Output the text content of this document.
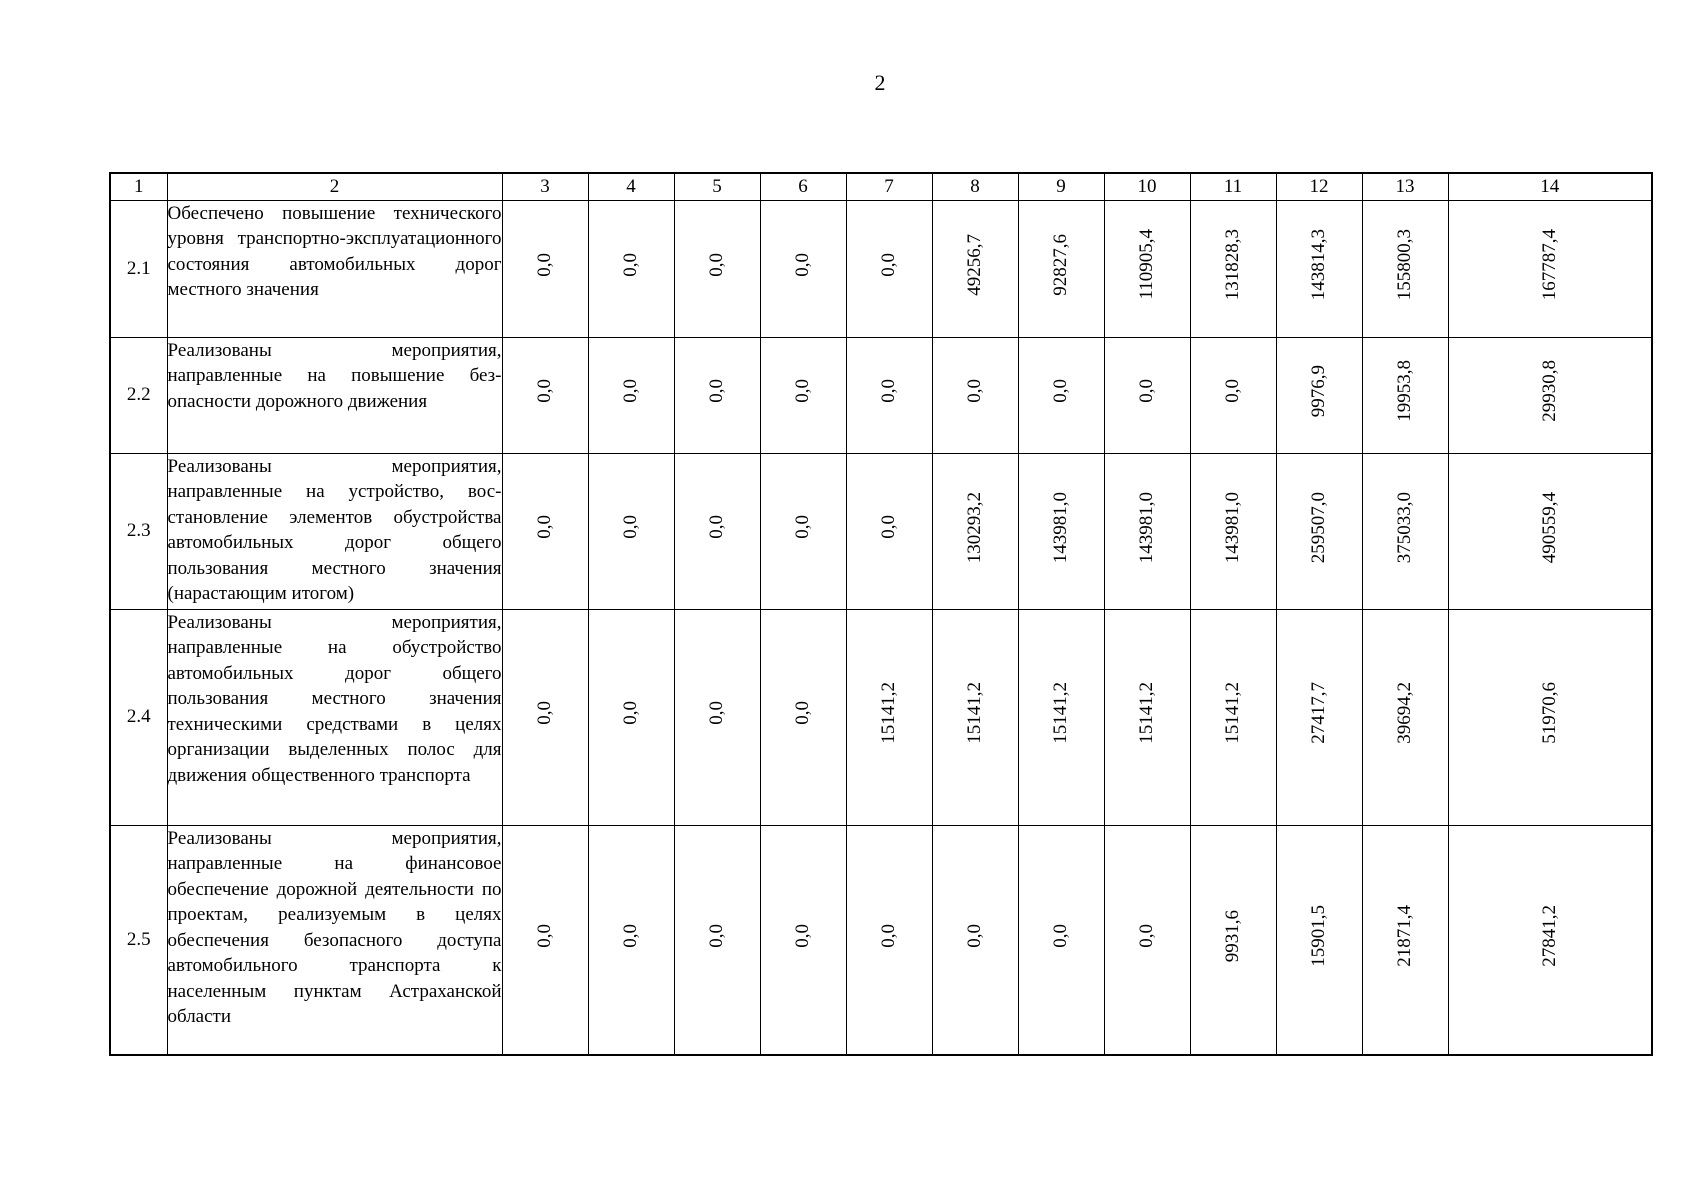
2
1	2	3	4	5	6	7	8	9	10	11	12	13	14
2.1	Обеспечено повышение технического уровня транспортно-эксплуатационного состояния автомобильных дорог местного значения	0,0	0,0	0,0	0,0	0,0	49256,7	92827,6	110905,4	131828,3	143814,3	155800,3	167787,4
2.2	Реализованы мероприятия, направленные на повышение безопасности дорожного движения	0,0	0,0	0,0	0,0	0,0	0,0	0,0	0,0	0,0	9976,9	19953,8	29930,8
2.3	Реализованы мероприятия, направленные на устройство, восстановление элементов обустройства автомобильных дорог общего пользования местного значения (нарастающим итогом)	0,0	0,0	0,0	0,0	0,0	130293,2	143981,0	143981,0	143981,0	259507,0	375033,0	490559,4
2.4	Реализованы мероприятия, направленные на обустройство автомобильных дорог общего пользования местного значения техническими средствами в целях организации выделенных полос для движения общественного транспорта	0,0	0,0	0,0	0,0	15141,2	15141,2	15141,2	15141,2	15141,2	27417,7	39694,2	51970,6
2.5	Реализованы мероприятия, направленные на финансовое обеспечение дорожной деятельности по проектам, реализуемым в целях обеспечения безопасного доступа автомобильного транспорта к населенным пунктам Астраханской области	0,0	0,0	0,0	0,0	0,0	0,0	0,0	0,0	9931,6	15901,5	21871,4	27841,2
